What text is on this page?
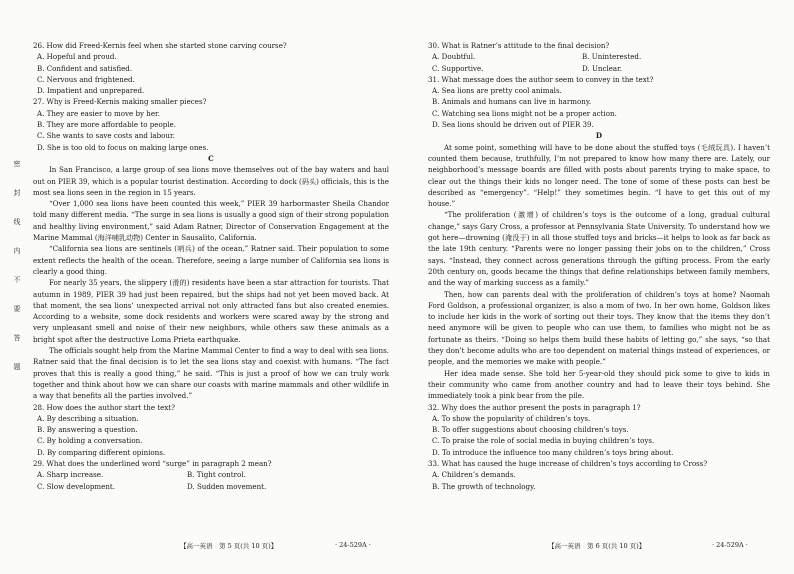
密封线内不要答题

26. How did Freed-Kernis feel when she started stone carving course?

A. Hopeful and proud.

B. Confident and satisfied.

C. Nervous and frightened.

D. Impatient and unprepared.

27. Why is Freed-Kernis making smaller pieces?

A. They are easier to move by her.

B. They are more affordable to people.

C. She wants to save costs and labour.

D. She is too old to focus on making large ones.

C

In San Francisco, a large group of sea lions move themselves out of the bay waters and haul out on PIER 39, which is a popular tourist destination. According to dock (码头) officials, this is the most sea lions seen in the region in 15 years.

“Over 1,000 sea lions have been counted this week,” PIER 39 harbormaster Sheila Chandor told many different media. “The surge in sea lions is usually a good sign of their strong population and healthy living environment,” said Adam Ratner, Director of Conservation Engagement at the Marine Mammal (海洋哺乳动物) Center in Sausalito, California.

“California sea lions are sentinels (哨兵) of the ocean,” Ratner said. Their population to some extent reflects the health of the ocean. Therefore, seeing a large number of California sea lions is clearly a good thing.

For nearly 35 years, the slippery (滑的) residents have been a star attraction for tourists. That autumn in 1989, PIER 39 had just been repaired, but the ships had not yet been moved back. At that moment, the sea lions’ unexpected arrival not only attracted fans but also created enemies. According to a website, some dock residents and workers were scared away by the strong and very unpleasant smell and noise of their new neighbors, while others saw these animals as a bright spot after the destructive Loma Prieta earthquake.

The officials sought help from the Marine Mammal Center to find a way to deal with sea lions. Ratner said that the final decision is to let the sea lions stay and coexist with humans. “The fact proves that this is really a good thing,” he said. “This is just a proof of how we can truly work together and think about how we can share our coasts with marine mammals and other wildlife in a way that benefits all the parties involved.”

28. How does the author start the text?

A. By describing a situation.

B. By answering a question.

C. By holding a conversation.

D. By comparing different opinions.

29. What does the underlined word “surge” in paragraph 2 mean?

A. Sharp increase.	B. Tight control.
C. Slow development.	D. Sudden movement.

30. What is Ratner’s attitude to the final decision?

A. Doubtful.	B. Uninterested.
C. Supportive.	D. Unclear.

31. What message does the author seem to convey in the text?

A. Sea lions are pretty cool animals.

B. Animals and humans can live in harmony.

C. Watching sea lions might not be a proper action.

D. Sea lions should be driven out of PIER 39.

D

At some point, something will have to be done about the stuffed toys (毛绒玩具). I haven’t counted them because, truthfully, I’m not prepared to know how many there are. Lately, our neighborhood’s message boards are filled with posts about parents trying to make space, to clear out the things their kids no longer need. The tone of some of these posts can best be described as “emergency”. “Help!” they sometimes begin. “I have to get this out of my house.”

“The proliferation (激增) of children’s toys is the outcome of a long, gradual cultural change,” says Gary Cross, a professor at Pennsylvania State University. To understand how we got here—drowning (淹没于) in all those stuffed toys and bricks—it helps to look as far back as the late 19th century. “Parents were no longer passing their jobs on to the children,” Cross says. “Instead, they connect across generations through the gifting process. From the early 20th century on, goods became the things that define relationships between family members, and the way of marking success as a family.”

Then, how can parents deal with the proliferation of children’s toys at home? Naomah Ford Goldson, a professional organizer, is also a mom of two. In her own home, Goldson likes to include her kids in the work of sorting out their toys. They know that the items they don’t need anymore will be given to people who can use them, to families who might not be as fortunate as theirs. “Doing so helps them build these habits of letting go,” she says, “so that they don’t become adults who are too dependent on material things instead of experiences, or people, and the memories we make with people.”

Her idea made sense. She told her 5-year-old they should pick some to give to kids in their community who came from another country and had to leave their toys behind. She immediately took a pink bear from the pile.

32. Why does the author present the posts in paragraph 1?

A. To show the popularity of children’s toys.

B. To offer suggestions about choosing children’s toys.

C. To praise the role of social media in buying children’s toys.

D. To introduce the influence too many children’s toys bring about.

33. What has caused the huge increase of children’s toys according to Cross?

A. Children’s demands.

B. The growth of technology.

【高一英语　第 5 页(共 10 页)】	· 24-529A ·	【高一英语　第 6 页(共 10 页)】	· 24-529A ·
